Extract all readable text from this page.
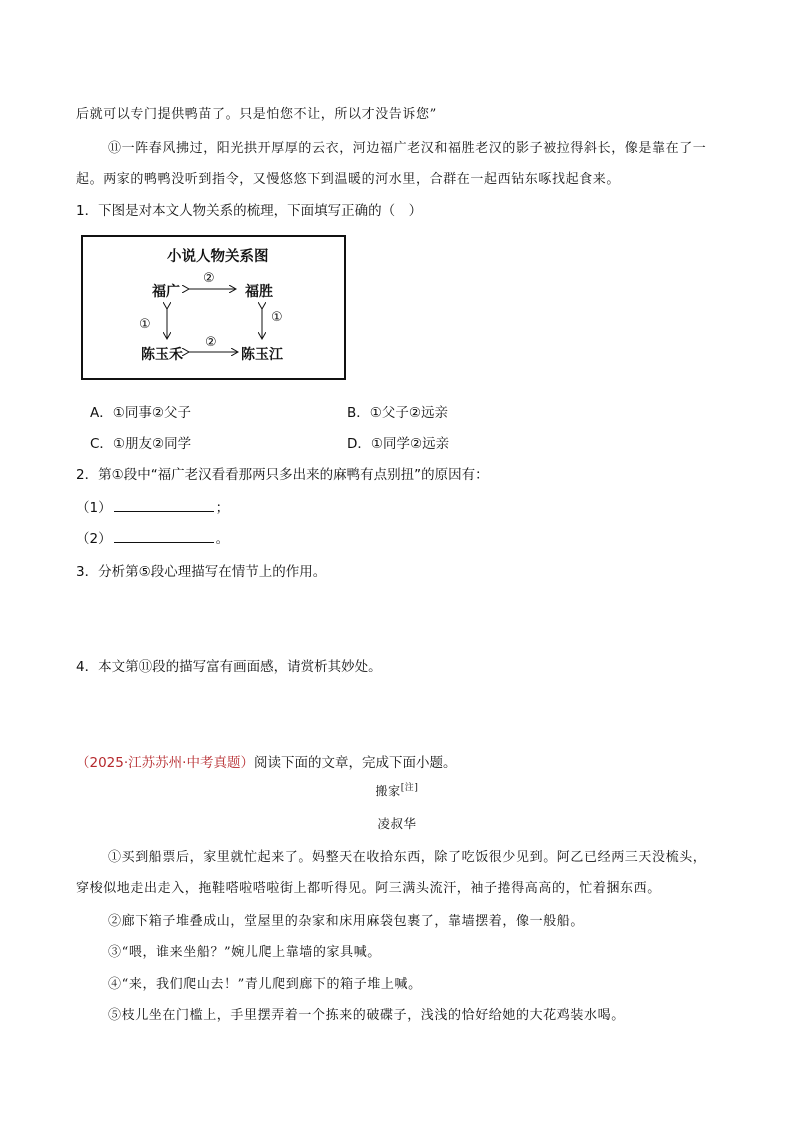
后就可以专门提供鸭苗了。只是怕您不让，所以才没告诉您”
⑪一阵春风拂过，阳光拱开厚厚的云衣，河边福广老汉和福胜老汉的影子被拉得斜长，像是靠在了一
起。两家的鸭鸭没听到指令，又慢悠悠下到温暖的河水里，合群在一起西钻东啄找起食来。
1．下图是对本文人物关系的梳理，下面填写正确的（　）
小说人物关系图
福广	福胜
陈玉禾	陈玉江
②
②
①	①
A．①同事②父子	B．①父子②远亲
C．①朋友②同学	D．①同学②远亲
2．第①段中“福广老汉看看那两只多出来的麻鸭有点别扭”的原因有：
（1）	；
（2）	。
3．分析第⑤段心理描写在情节上的作用。
4．本文第⑪段的描写富有画面感，请赏析其妙处。
（2025·江苏苏州·中考真题）阅读下面的文章，完成下面小题。
搬家[注]
凌叔华
①买到船票后，家里就忙起来了。妈整天在收拾东西，除了吃饭很少见到。阿乙已经两三天没梳头，
穿梭似地走出走入，拖鞋嗒啦嗒啦街上都听得见。阿三满头流汗，袖子捲得高高的，忙着捆东西。
②廊下箱子堆叠成山，堂屋里的杂家和床用麻袋包裹了，靠墙摆着，像一般船。
③“喂，谁来坐船？”婉儿爬上靠墙的家具喊。
④“来，我们爬山去！”青儿爬到廊下的箱子堆上喊。
⑤枝儿坐在门槛上，手里摆弄着一个拣来的破碟子，浅浅的恰好给她的大花鸡装水喝。
